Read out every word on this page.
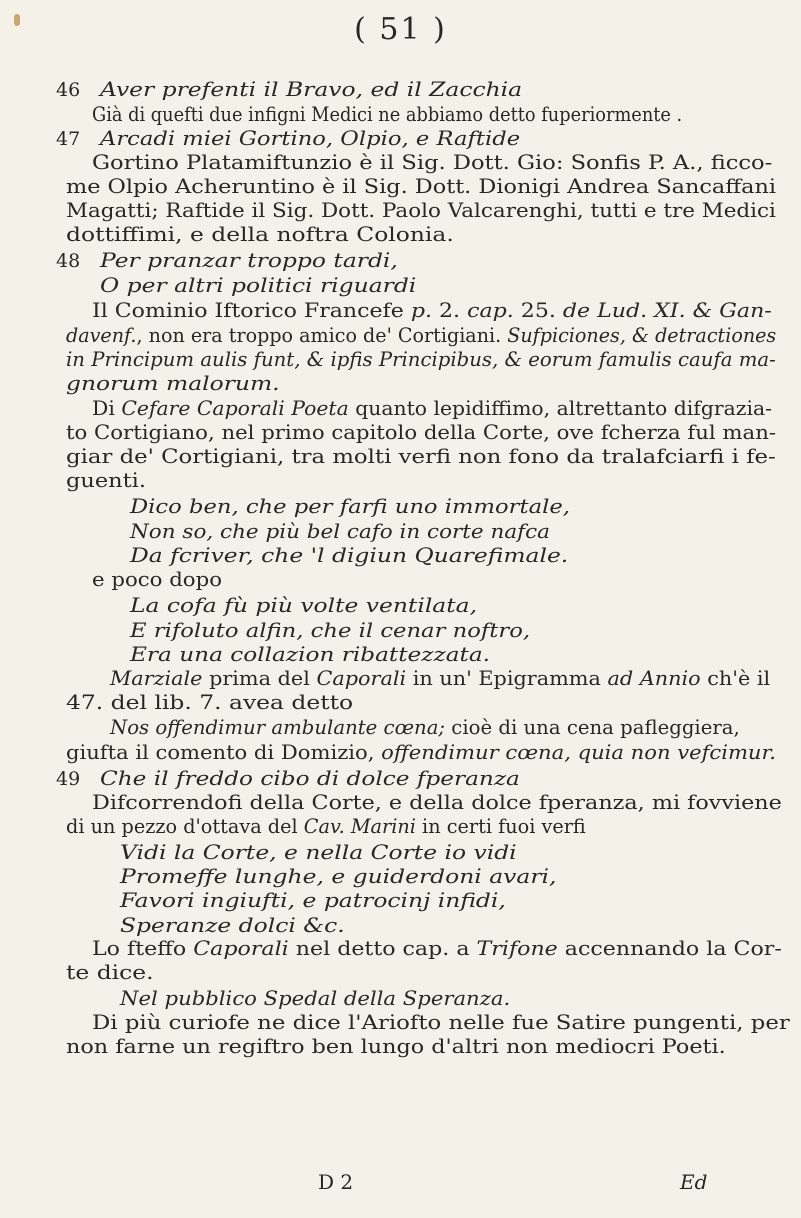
( 51 )
46 Aver prefenti il Bravo, ed il Zacchia
Già di quefti due infigni Medici ne abbiamo detto fuperiormente .
47 Arcadi miei Gortino, Olpio, e Raftide
Gortino Platamiftunzio è il Sig. Dott. Gio: Sonfis P. A., ficco-
me Olpio Acheruntino è il Sig. Dott. Dionigi Andrea Sancaffani
Magatti; Raftide il Sig. Dott. Paolo Valcarenghi, tutti e tre Medici
dottiffimi, e della noftra Colonia.
48 Per pranzar troppo tardi,
O per altri politici riguardi
Il Cominio Iftorico Francefe p. 2. cap. 25. de Lud. XI. & Gan-
davenf., non era troppo amico de' Cortigiani. Sufpiciones, & detractiones
in Principum aulis funt, & ipfis Principibus, & eorum famulis caufa ma-
gnorum malorum.
Di Cefare Caporali Poeta quanto lepidiffimo, altrettanto difgrazia-
to Cortigiano, nel primo capitolo della Corte, ove fcherza ful man-
giar de' Cortigiani, tra molti verfi non fono da tralafciarfi i fe-
guenti.
Dico ben, che per farfi uno immortale,
Non so, che più bel cafo in corte nafca
Da fcriver, che 'l digiun Quarefimale.
e poco dopo
La cofa fù più volte ventilata,
E rifoluto alfin, che il cenar noftro,
Era una collazion ribattezzata.
Marziale prima del Caporali in un' Epigramma ad Annio ch'è il
47. del lib. 7. avea detto
Nos offendimur ambulante cœna; cioè di una cena pafleggiera,
giufta il comento di Domizio, offendimur cœna, quia non vefcimur.
49 Che il freddo cibo di dolce fperanza
Difcorrendofi della Corte, e della dolce fperanza, mi fovviene
di un pezzo d'ottava del Cav. Marini in certi fuoi verfi
Vidi la Corte, e nella Corte io vidi
Promeffe lunghe, e guiderdoni avari,
Favori ingiufti, e patrocinj infidi,
Speranze dolci &c.
Lo fteffo Caporali nel detto cap. a Trifone accennando la Cor-
te dice.
Nel pubblico Spedal della Speranza.
Di più curiofe ne dice l'Ariofto nelle fue Satire pungenti, per
non farne un regiftro ben lungo d'altri non mediocri Poeti.
D 2	Ed
